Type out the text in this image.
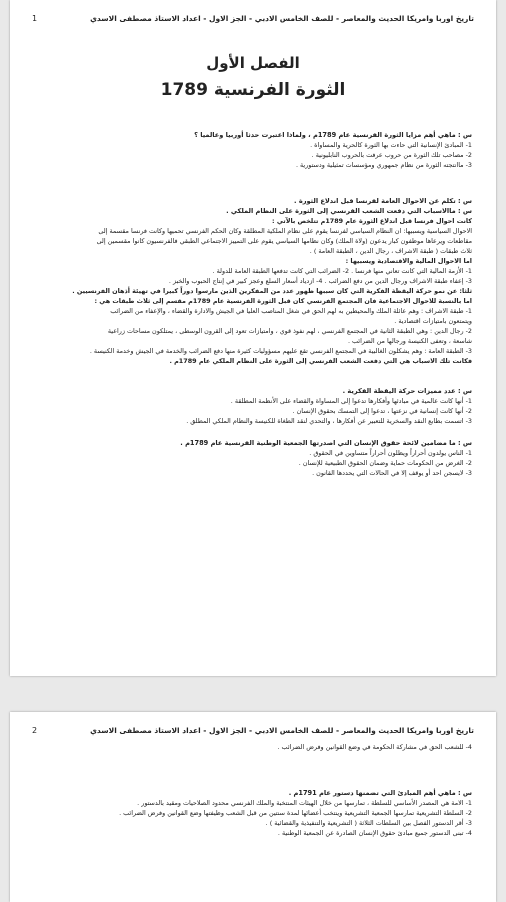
تاريخ اوربا وامريكا الحديث والمعاصر - للصف الخامس الادبي - الجز الاول - اعداد الاستاذ مصطفى الاسدي
1
الفصل الأول
الثورة الفرنسية 1789

س : ماهي أهم مزايا الثورة الفرنسية عام 1789م ، ولماذا اعتبرت حدثا أوربيا وعالميا ؟

1- المبادئ الإنسانية التي حاءت بها الثورة كالحرية والمساواة .

2- مصاحب تلك الثورة من حروب عرفت بالحروب النابليونية .

3- ماانتجته الثورة من نظام جمهوري ومؤسسات تمثيلية ودستورية .

س : تكلم عن الاحوال العامة لفرنسا قبل اندلاع الثورة .

س : ماالاسباب التي دفعت الشعب الفرنسي إلى الثورة على النظام الملكي .

كانت احوال فرنسا قبل اندلاع الثورة عام 1789م تتلخص بالآتي :

الاحوال السياسية ويسبيها: ان النظام السياسي لفرنسا يقوم على نظام الملكية المطلقة وكان الحكم الفرنسي تحميها وكانت فرنسا مقسمة إلى

مقاطعات ويرعاها موظفون كبار يدعون (ولاة الملك) وكان نظامها السياسي يقوم على التمييز الاجتماعي الطبقي فالفرنسيون كانوا مقسمين إلى

ثلاث طبقات ( طبقة الاشراف ، رجال الدين ، الطبقة العامة ) .

اما الاحوال المالية والاقتصادية ويسبيها :

1- الأزمة المالية التي كانت تعاني منها فرنسا . 2- الضرائب التي كانت تدفعها الطبقة العامة للدولة .

3- إعفاء طبقة الاشراف ورجال الدين من دفع الضرائب . 4- ازدياد أسعار السلع وعجز كبير في إنتاج الحبوب والخبز .

ثلثا: عن نمو حركة اليقظة الفكرية التي كان سببها ظهور عدد من المفكرين الذين مارسوا دوراً كبيرا في تهيئة أذهان الفرنسيين .

اما بالنسبة للاحوال الاجتماعية فان المجتمع الفرنسي كان قبل الثورة الفرنسية عام 1789م مقسم إلى ثلاث طبقات هي :

1- طبقة الاشراف : وهم عائلة الملك والمحيطين به لهم الحق في شغل المناصب العليا في الجيش والادارة والقضاء ، والإعفاء من الضرائب

ويتمتعون بامتيازات اقتصادية .

2- رجال الدين : وهي الطبقة الثانية في المجتمع الفرنسي ، لهم نفوذ قوي ، وامتيازات تعود إلى القرون الوسطى ، يمتلكون مساحات زراعية

شاسعة ، وتعفى الكنيسة ورجالها من الضرائب .

3- الطبقة العامة : وهم يشكلون الغالبية في المجتمع الفرنسي تقع عليهم مسؤوليات كثيرة منها دفع الضرائب والخدمة في الجيش وخدمة الكنيسة .

فكانت تلك الاسباب هي التي دفعت الشعب الفرنسي إلى الثورة على النظام الملكي عام 1789م .

س : عدد مميزات حركة اليقظة الفكرية .

1- أنها كانت عالمية في مبادئها وأفكارها تدعوا إلى المساواة والقضاء على الأنظمة المطلقة .

2- أنها كانت إنسانية في نزعتها ، تدعوا إلى التمسك بحقوق الإنسان .

3- اتسمت بطابع النقد والسخرية للتعبير عن أفكارها ، والتحدي لنقد الطغاة للكنيسة والنظام الملكي المطلق .

س : ما مضامين لائحة حقوق الإنسان التي اصدرتها الجمعية الوطنية الفرنسية عام 1789م .

1- الناس يولدون أحراراً ويظلون أحراراً متساوين في الحقوق .

2- الغرض من الحكومات حماية وضمان الحقوق الطبيعية للإنسان .

3- لايسجن احد أو يوقف إلا في الحالات التي يحددها القانون .

تاريخ اوربا وامريكا الحديث والمعاصر - للصف الخامس الادبي - الجز الاول - اعداد الاستاذ مصطفى الاسدي
2

4- للشعب الحق في مشاركة الحكومة في وضع القوانين وفرض الضرائب .

س : ماهي أهم المبادئ التي تضمنها دستور عام 1791م .

1- الامة هي المصدر الأساسي للسلطة ، تمارسها من خلال الهيئات المنتخبة والملك الفرنسي محدود الصلاحيات ومقيد بالدستور .

2- السلطة التشريعية تمارسها الجمعية التشريعية وينتخب أعضائها لمدة سنتين من قبل الشعب وظيفتها وضع القوانين وفرض الضرائب .

3- أقر الدستور الفصل بين السلطات الثلاثة ( التشريعية والتنفيذية والقضائية ) .

4- تبنى الدستور جميع مبادئ حقوق الإنسان الصادرة عن الجمعية الوطنية .
